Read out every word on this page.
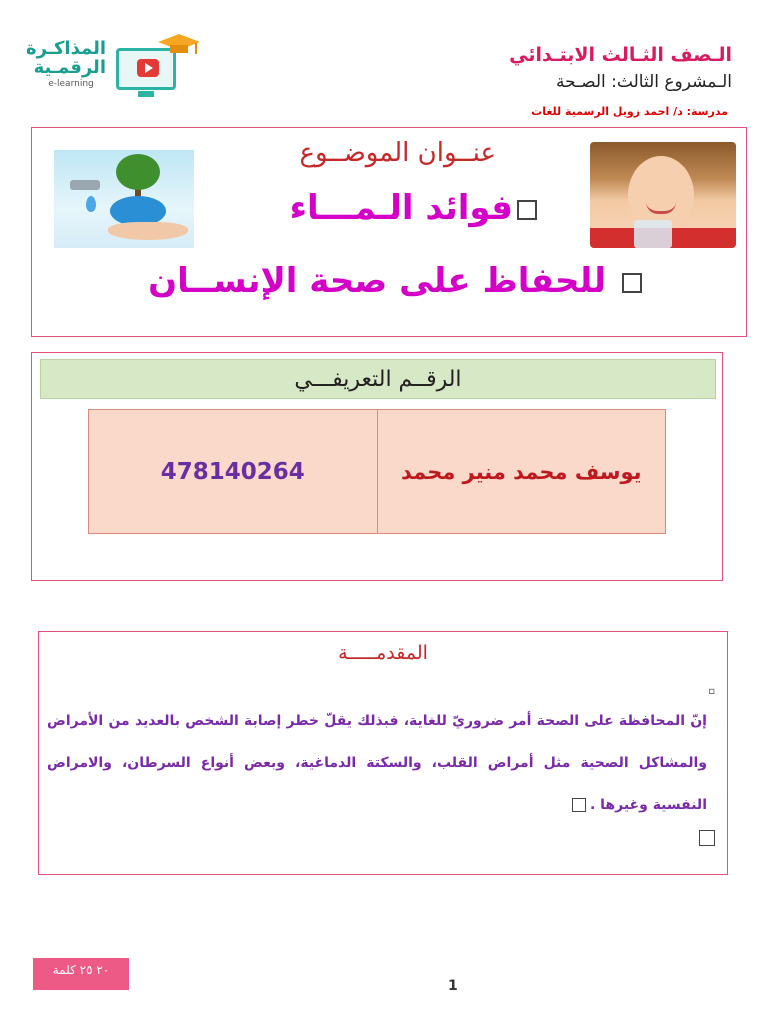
الـصف الثـالث الابتـدائي
الـمشروع الثالث: الصـحة
مدرسة: د/ احمد زويل الرسمية للغات
المذاكـرة
الرقمـية
e-learning
عنــوان الموضــوع
فوائد الـمـــاء
للحفاظ على صحة الإنســان
الرقــم التعريفـــي
يوسف محمد منير محمد
478140264
المقدمـــــة
▫
إنّ المحافظة على الصحة أمر ضروريّ للغاية، فبذلك يقلّ خطر إصابة الشخص بالعديد من الأمراض والمشاكل الصحية مثل أمراض القلب، والسكتة الدماغية، وبعض أنواع السرطان، والامراض النفسية وغيرها .
٢٠ ٢٥ كلمة
1
